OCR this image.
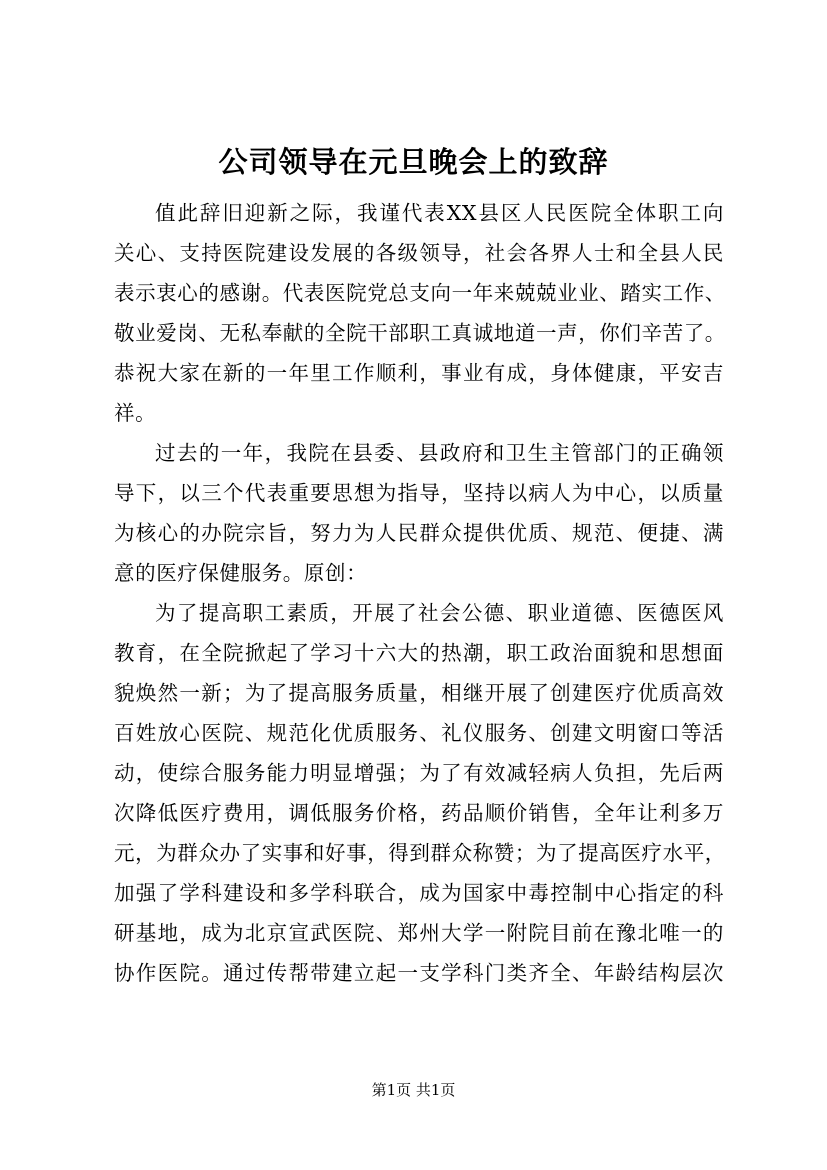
公司领导在元旦晚会上的致辞
值此辞旧迎新之际，我谨代表XX县区人民医院全体职工向
关心、支持医院建设发展的各级领导，社会各界人士和全县人民
表示衷心的感谢。代表医院党总支向一年来兢兢业业、踏实工作、
敬业爱岗、无私奉献的全院干部职工真诚地道一声，你们辛苦了。
恭祝大家在新的一年里工作顺利，事业有成，身体健康，平安吉
祥。
过去的一年，我院在县委、县政府和卫生主管部门的正确领
导下，以三个代表重要思想为指导，坚持以病人为中心，以质量
为核心的办院宗旨，努力为人民群众提供优质、规范、便捷、满
意的医疗保健服务。原创：
为了提高职工素质，开展了社会公德、职业道德、医德医风
教育，在全院掀起了学习十六大的热潮，职工政治面貌和思想面
貌焕然一新；为了提高服务质量，相继开展了创建医疗优质高效
百姓放心医院、规范化优质服务、礼仪服务、创建文明窗口等活
动，使综合服务能力明显增强；为了有效减轻病人负担，先后两
次降低医疗费用，调低服务价格，药品顺价销售，全年让利多万
元，为群众办了实事和好事，得到群众称赞；为了提高医疗水平，
加强了学科建设和多学科联合，成为国家中毒控制中心指定的科
研基地，成为北京宣武医院、郑州大学一附院目前在豫北唯一的
协作医院。通过传帮带建立起一支学科门类齐全、年龄结构层次
第1页 共1页
